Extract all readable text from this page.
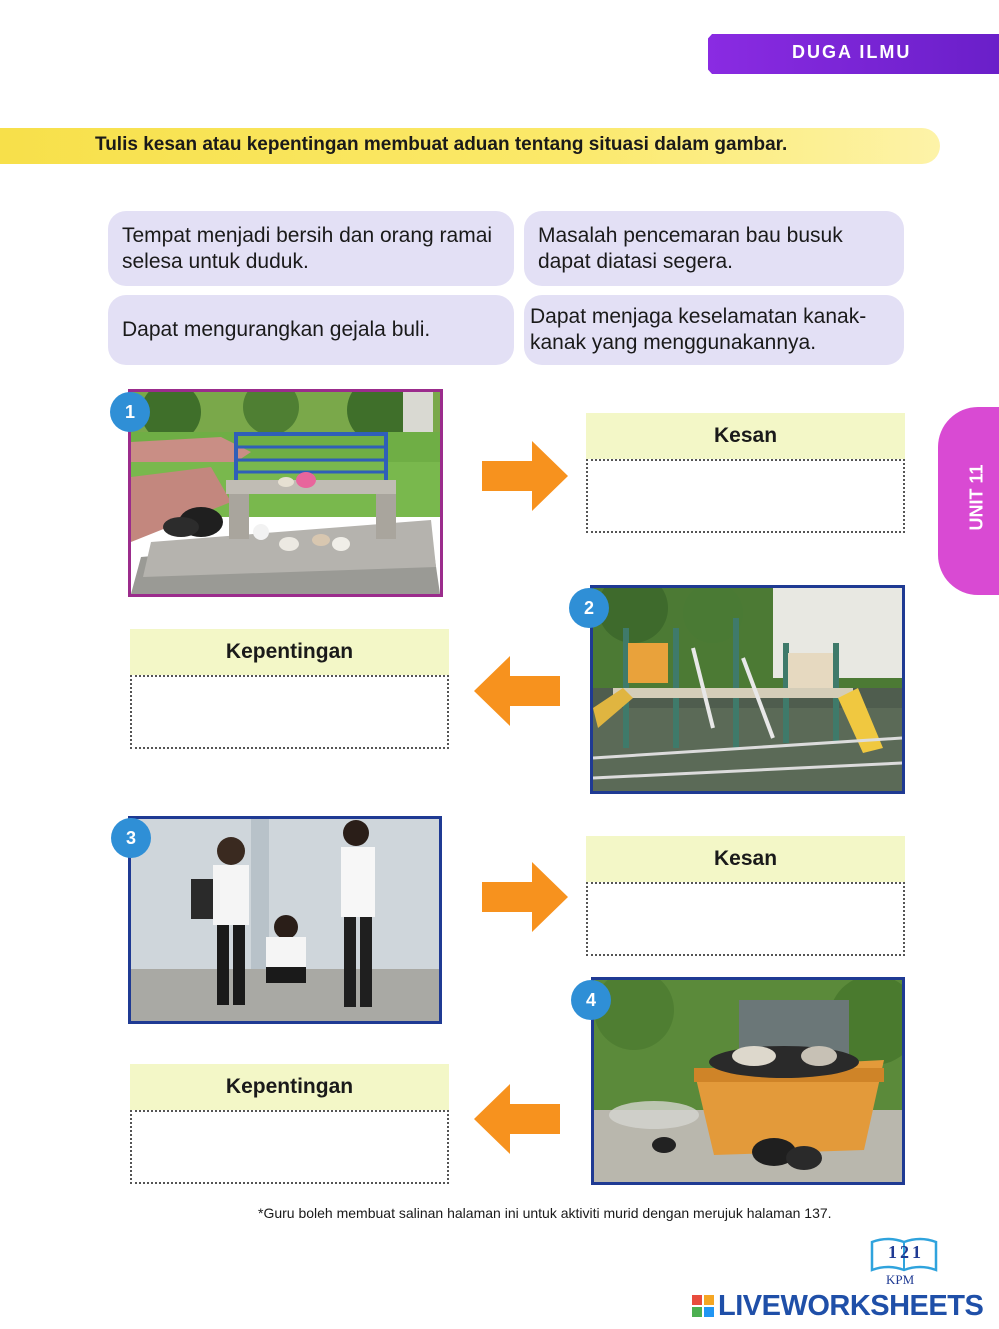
DUGA ILMU
Tulis kesan atau kepentingan membuat aduan tentang situasi dalam gambar.
Tempat menjadi bersih dan orang ramai selesa untuk duduk.
Masalah pencemaran bau busuk dapat diatasi segera.
Dapat mengurangkan gejala buli.
Dapat menjaga keselamatan kanak-kanak yang menggunakannya.
UNIT 11
1
Kesan
2
Kepentingan
3
Kesan
4
Kepentingan
*Guru boleh membuat salinan halaman ini untuk aktiviti murid dengan merujuk halaman 137.
121
KPM
LIVEWORKSHEETS
